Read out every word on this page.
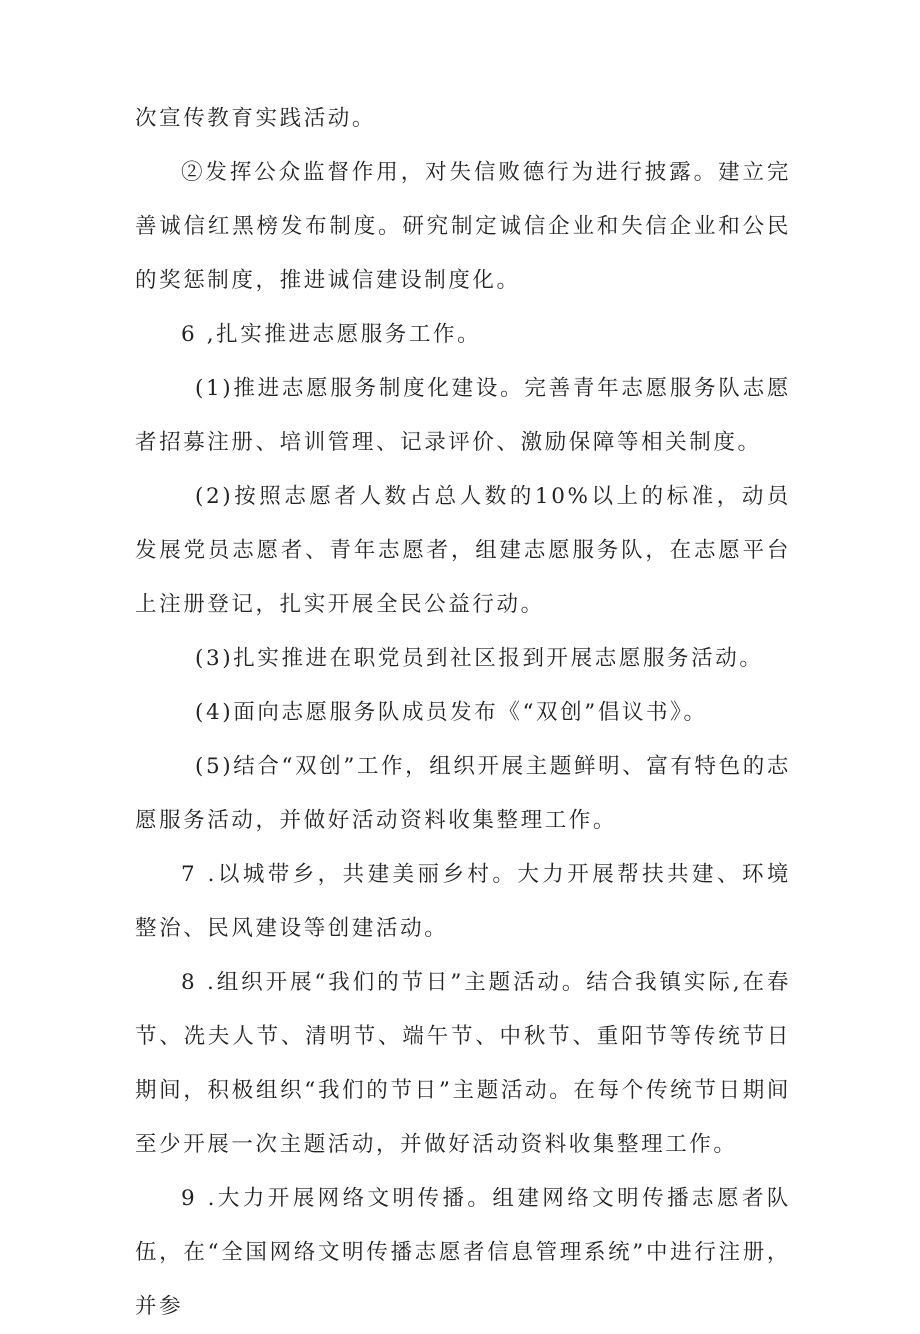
次宣传教育实践活动。

②发挥公众监督作用，对失信败德行为进行披露。建立完善诚信红黑榜发布制度。研究制定诚信企业和失信企业和公民的奖惩制度，推进诚信建设制度化。

6 ,扎实推进志愿服务工作。

(1)推进志愿服务制度化建设。完善青年志愿服务队志愿者招募注册、培训管理、记录评价、激励保障等相关制度。

(2)按照志愿者人数占总人数的10%以上的标准，动员发展党员志愿者、青年志愿者，组建志愿服务队，在志愿平台上注册登记，扎实开展全民公益行动。

(3)扎实推进在职党员到社区报到开展志愿服务活动。

(4)面向志愿服务队成员发布《“双创”倡议书》。

(5)结合“双创”工作，组织开展主题鲜明、富有特色的志愿服务活动，并做好活动资料收集整理工作。

7 .以城带乡，共建美丽乡村。大力开展帮扶共建、环境整治、民风建设等创建活动。

8 .组织开展“我们的节日”主题活动。结合我镇实际,在春节、冼夫人节、清明节、端午节、中秋节、重阳节等传统节日期间，积极组织“我们的节日”主题活动。在每个传统节日期间至少开展一次主题活动，并做好活动资料收集整理工作。

9 .大力开展网络文明传播。组建网络文明传播志愿者队伍，在“全国网络文明传播志愿者信息管理系统”中进行注册，并参
